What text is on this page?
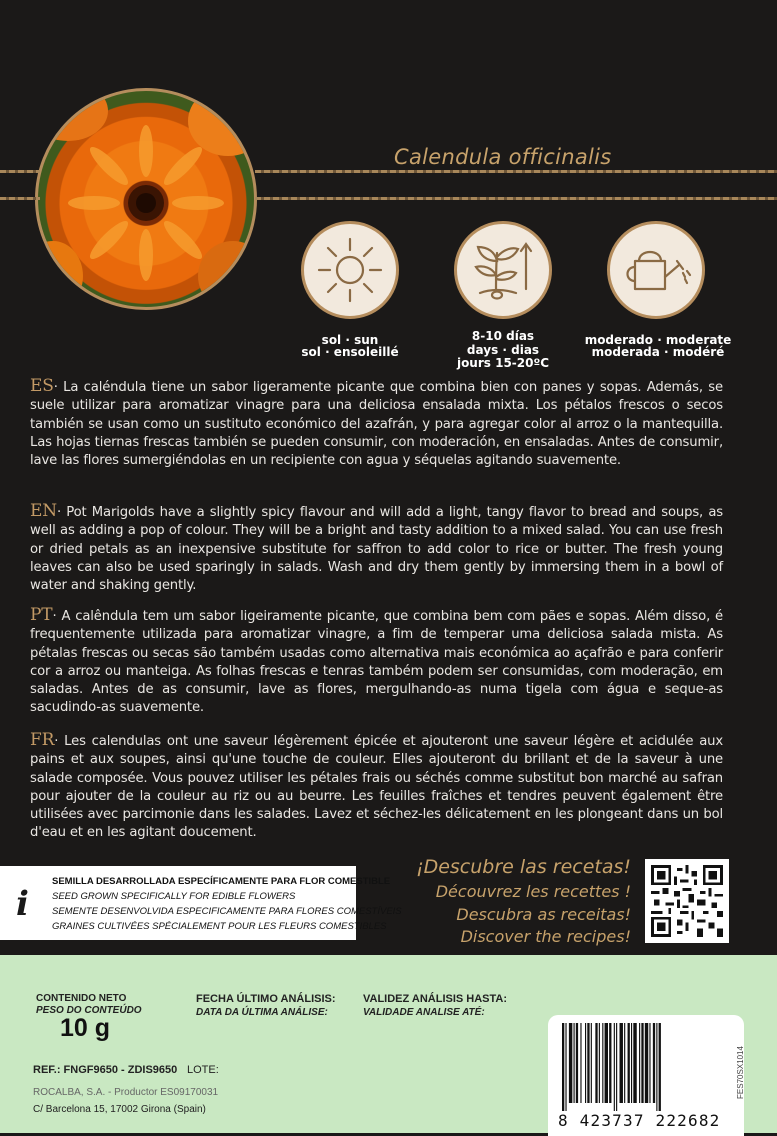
Calendula officinalis
sol · sun
sol · ensoleillé
8-10 días
days · dias
jours 15-20ºC
moderado · moderate
moderada · modéré
ES· La caléndula tiene un sabor ligeramente picante que combina bien con panes y sopas. Además, se suele utilizar para aromatizar vinagre para una deliciosa ensalada mixta. Los pétalos frescos o secos también se usan como un sustituto económico del azafrán, y para agregar color al arroz o la mantequilla. Las hojas tiernas frescas también se pueden consumir, con moderación, en ensaladas. Antes de consumir, lave las flores sumergiéndolas en un recipiente con agua y séquelas agitando suavemente.
EN· Pot Marigolds have a slightly spicy flavour and will add a light, tangy flavor to bread and soups, as well as adding a pop of colour. They will be a bright and tasty addition to a mixed salad. You can use fresh or dried petals as an inexpensive substitute for saffron to add color to rice or butter. The fresh young leaves can also be used sparingly in salads. Wash and dry them gently by immersing them in a bowl of water and shaking gently.
PT· A calêndula tem um sabor ligeiramente picante, que combina bem com pães e sopas. Além disso, é frequentemente utilizada para aromatizar vinagre, a fim de temperar uma deliciosa salada mista. As pétalas frescas ou secas são também usadas como alternativa mais económica ao açafrão e para conferir cor a arroz ou manteiga. As folhas frescas e tenras também podem ser consumidas, com moderação, em saladas. Antes de as consumir, lave as flores, mergulhando-as numa tigela com água e seque-as sacudindo-as suavemente.
FR· Les calendulas ont une saveur légèrement épicée et ajouteront une saveur légère et acidulée aux pains et aux soupes, ainsi qu'une touche de couleur. Elles ajouteront du brillant et de la saveur à une salade composée. Vous pouvez utiliser les pétales frais ou séchés comme substitut bon marché au safran pour ajouter de la couleur au riz ou au beurre. Les feuilles fraîches et tendres peuvent également être utilisées avec parcimonie dans les salades. Lavez et séchez-les délicatement en les plongeant dans un bol d'eau et en les agitant doucement.
i
SEMILLA DESARROLLADA ESPECÍFICAMENTE PARA FLOR COMESTIBLE
SEED GROWN SPECIFICALLY FOR EDIBLE FLOWERS
SEMENTE DESENVOLVIDA ESPECIFICAMENTE PARA FLORES COMESTÍVEIS
GRAINES CULTIVÉES SPÉCIALEMENT POUR LES FLEURS COMESTIBLES
¡Descubre las recetas!
Découvrez les recettes !
Descubra as receitas!
Discover the recipes!
CONTENIDO NETO
PESO DO CONTEÚDO
10 g
FECHA ÚLTIMO ANÁLISIS:
DATA DA ÚLTIMA ANÁLISE:
VALIDEZ ANÁLISIS HASTA:
VALIDADE ANALISE ATÉ:
REF.: FNGF9650 - ZDIS9650 LOTE:
ROCALBA, S.A. - Productor ES09170031
C/ Barcelona 15, 17002 Girona (Spain)
8 423737 222682
FES70SX1014
